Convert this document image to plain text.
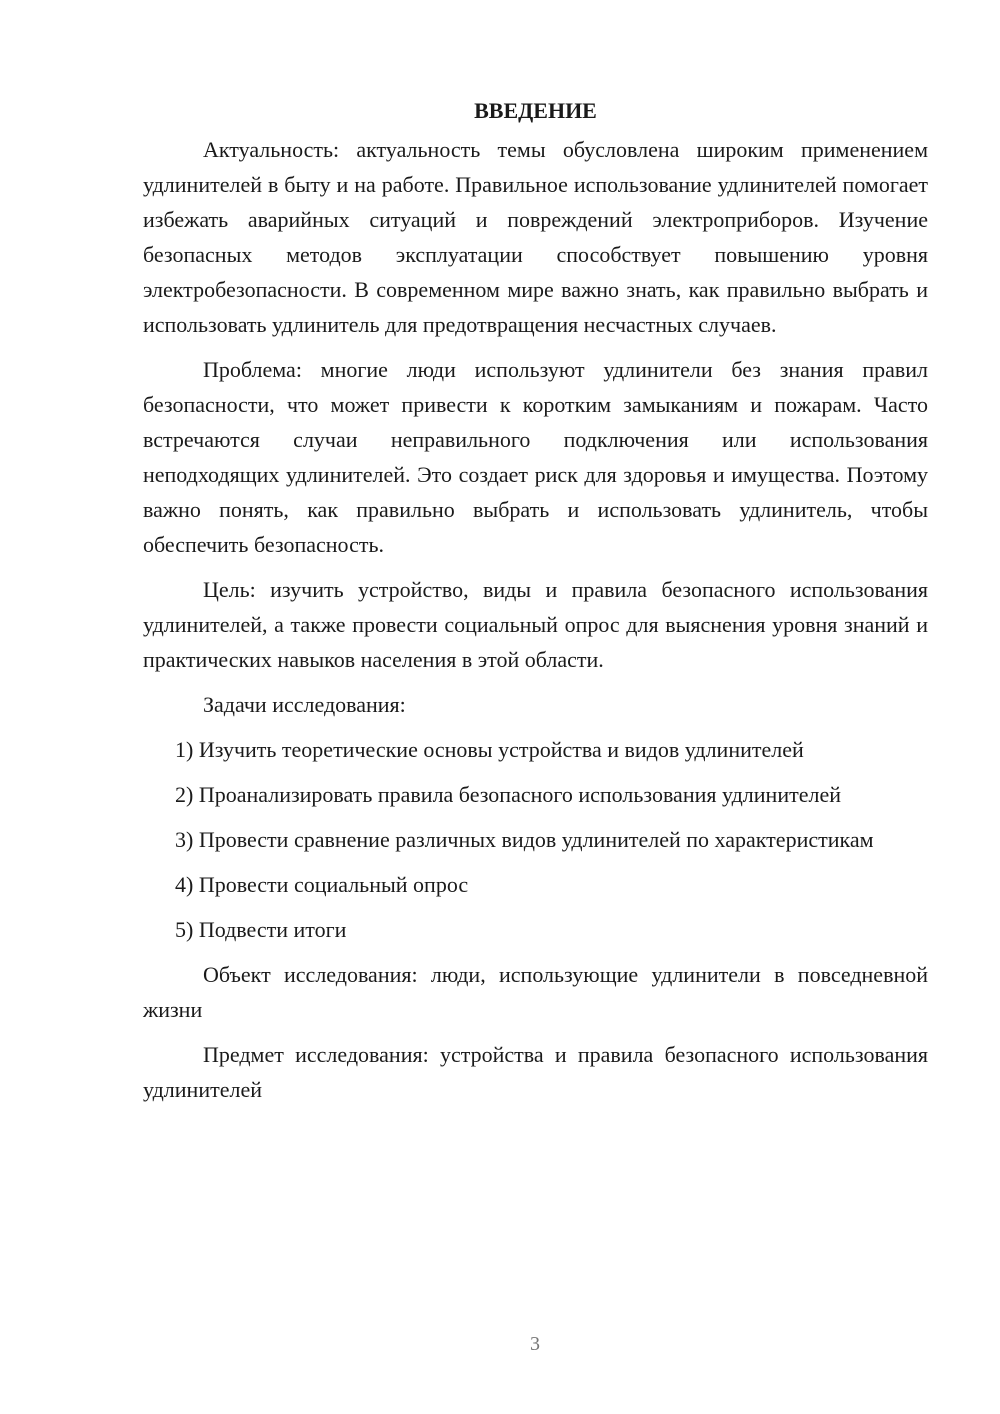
ВВЕДЕНИЕ

Актуальность: актуальность темы обусловлена широким применением удлинителей в быту и на работе. Правильное использование удлинителей помогает избежать аварийных ситуаций и повреждений электроприборов. Изучение безопасных методов эксплуатации способствует повышению уровня электробезопасности. В современном мире важно знать, как правильно выбрать и использовать удлинитель для предотвращения несчастных случаев.

Проблема: многие люди используют удлинители без знания правил безопасности, что может привести к коротким замыканиям и пожарам. Часто встречаются случаи неправильного подключения или использования неподходящих удлинителей. Это создает риск для здоровья и имущества. Поэтому важно понять, как правильно выбрать и использовать удлинитель, чтобы обеспечить безопасность.

Цель: изучить устройство, виды и правила безопасного использования удлинителей, а также провести социальный опрос для выяснения уровня знаний и практических навыков населения в этой области.

Задачи исследования:

1) Изучить теоретические основы устройства и видов удлинителей

2) Проанализировать правила безопасного использования удлинителей

3) Провести сравнение различных видов удлинителей по характеристикам

4) Провести социальный опрос

5) Подвести итоги

Объект исследования: люди, использующие удлинители в повседневной жизни

Предмет исследования: устройства и правила безопасного использования удлинителей

3
